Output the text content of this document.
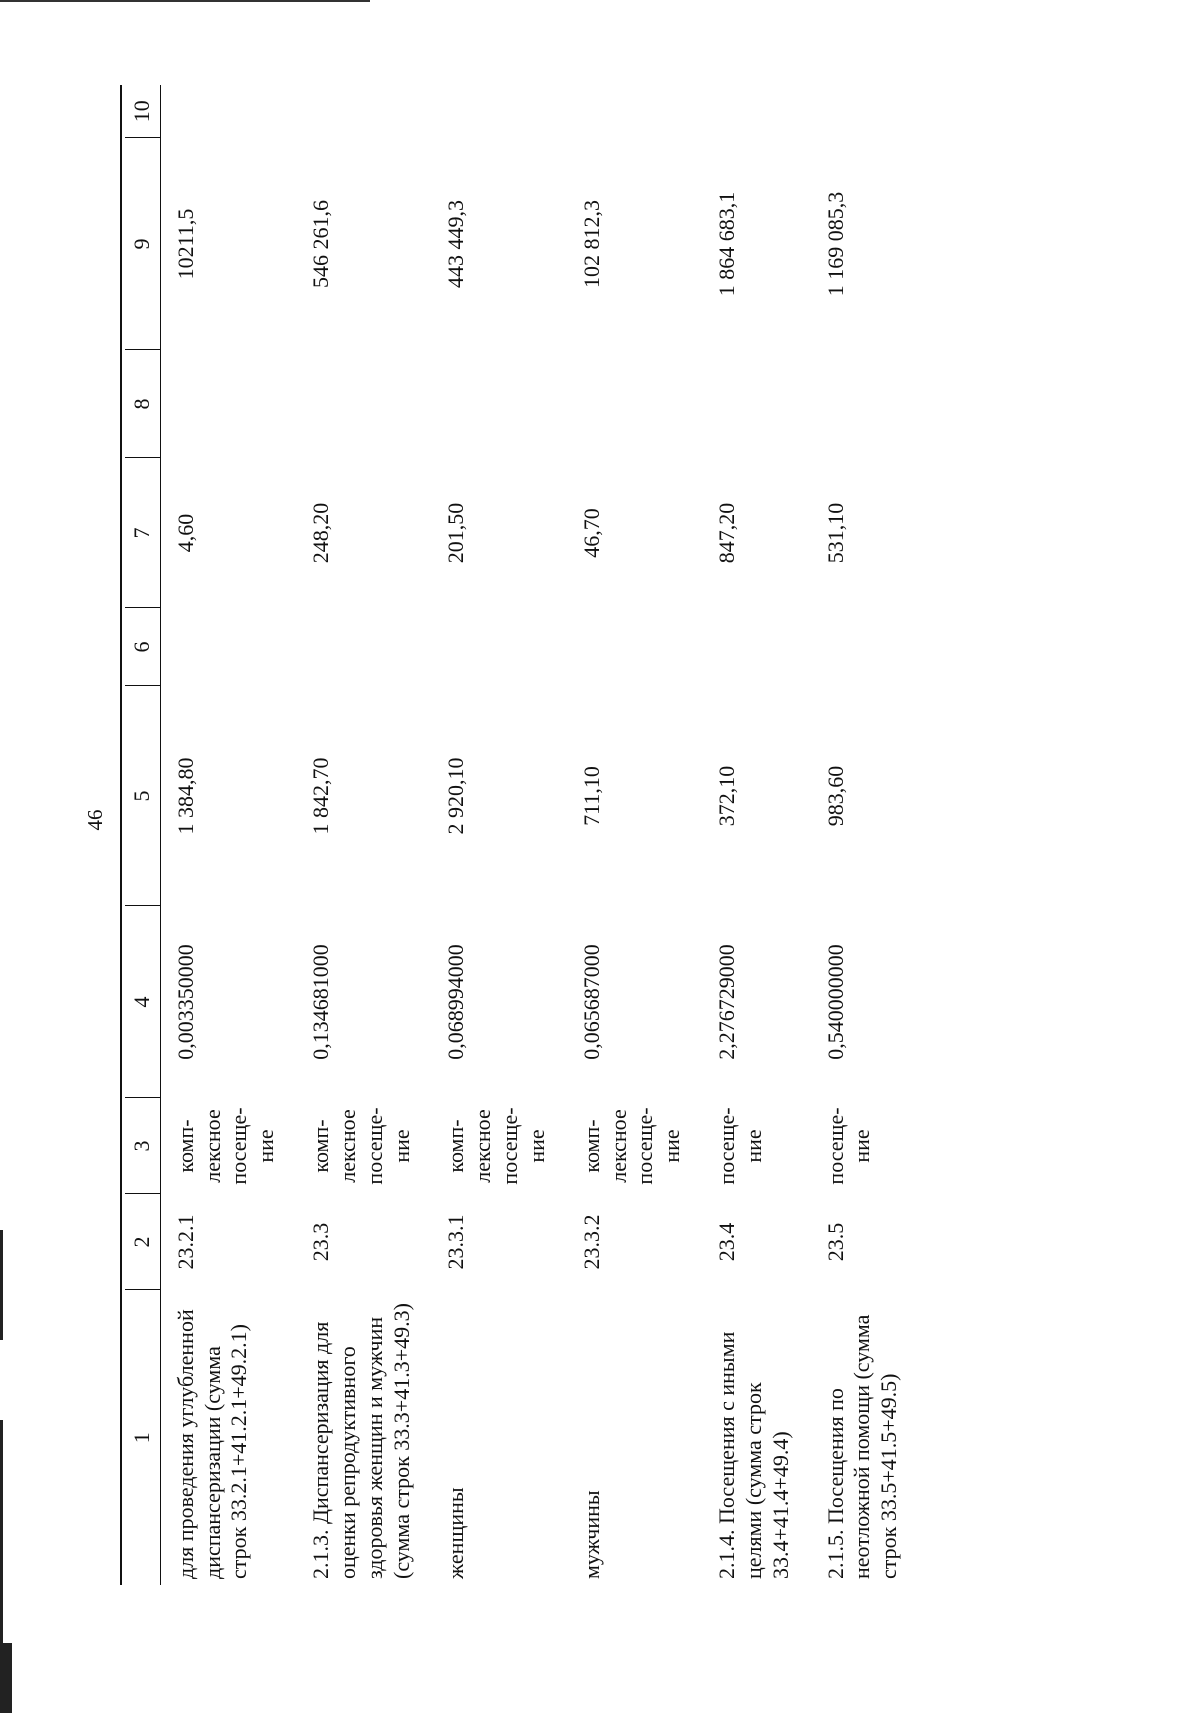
46
1	2	3	4	5	6	7	8	9	10
для проведения углубленной диспансеризации (сумма строк 33.2.1+41.2.1+49.2.1)	23.2.1	комп-лексное посеще-ние	0,003350000	1 384,80		4,60		10211,5	
2.1.3. Диспансеризация для оценки репродуктивного здоровья женщин и мужчин (сумма строк 33.3+41.3+49.3)	23.3	комп-лексное посеще-ние	0,134681000	1 842,70		248,20		546 261,6	
женщины	23.3.1	комп-лексное посеще-ние	0,068994000	2 920,10		201,50		443 449,3	
мужчины	23.3.2	комп-лексное посеще-ние	0,065687000	711,10		46,70		102 812,3	
2.1.4. Посещения с иными целями (сумма строк 33.4+41.4+49.4)	23.4	посеще-ние	2,276729000	372,10		847,20		1 864 683,1	
2.1.5. Посещения по неотложной помощи (сумма строк 33.5+41.5+49.5)	23.5	посеще-ние	0,540000000	983,60		531,10		1 169 085,3	
